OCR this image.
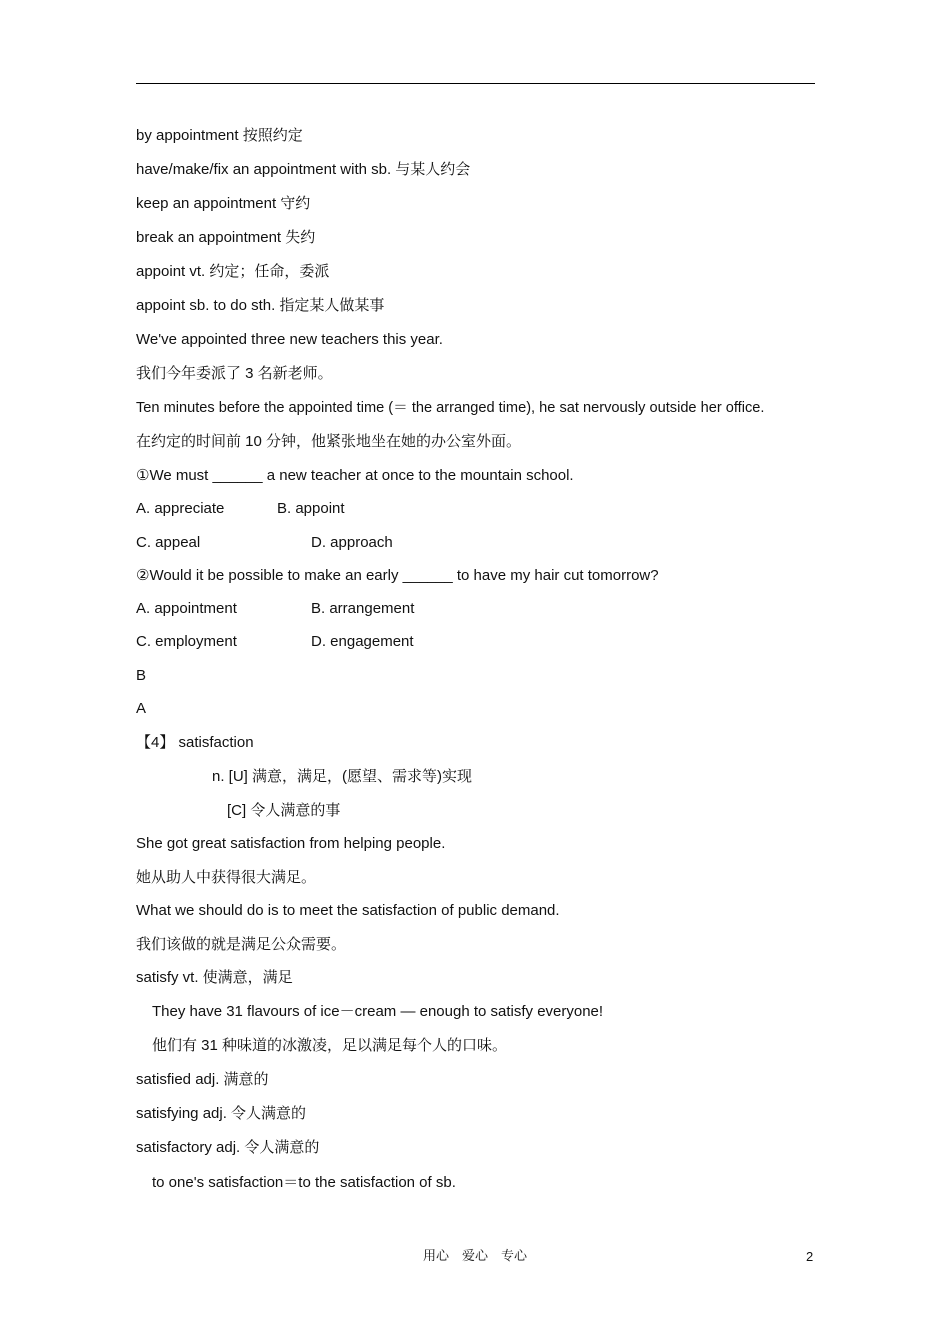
by appointment 按照约定
have/make/fix an appointment with sb. 与某人约会
keep an appointment 守约
break an appointment 失约
appoint vt. 约定；任命，委派
appoint sb. to do sth. 指定某人做某事
We've appointed three new teachers this year.
我们今年委派了 3 名新老师。
Ten minutes before the appointed time (＝ the arranged time), he sat nervously outside her office.
在约定的时间前 10 分钟，他紧张地坐在她的办公室外面。
①We must ______ a new teacher at once to the mountain school.
A. appreciate	B. appoint
C. appeal	D. approach
②Would it be possible to make an early ______ to have my hair cut tomorrow?
A. appointment	B. arrangement
C. employment	D. engagement
B
A
【4】 satisfaction
n. [U] 满意，满足，(愿望、需求等)实现
[C] 令人满意的事
She got great satisfaction from helping people.
她从助人中获得很大满足。
What we should do is to meet the satisfaction of public demand.
我们该做的就是满足公众需要。
satisfy vt. 使满意，满足
They have 31 flavours of ice－cream — enough to satisfy everyone!
他们有 31 种味道的冰激凌，足以满足每个人的口味。
satisfied adj. 满意的
satisfying adj. 令人满意的
satisfactory adj. 令人满意的
to one's satisfaction＝to the satisfaction of sb.
用心　爱心　专心	2
